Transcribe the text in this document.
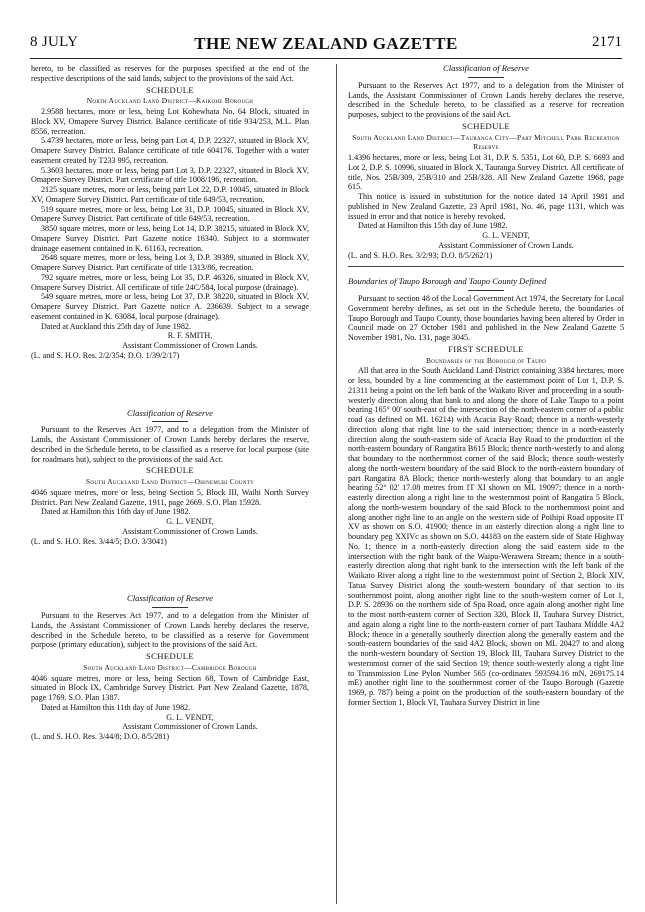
8 JULY	THE NEW ZEALAND GAZETTE	2171

hereto, to be classified as reserves for the purposes specified at the end of the respective descriptions of the said lands, subject to the provisions of the said Act.

SCHEDULE
North Auckland Land District—Kaikohe Borough

2.9588 hectares, more or less, being Lot Kohewhata No. 64 Block, situated in Block XV, Omapere Survey District. Balance certificate of title 934/253, M.L. Plan 8556, recreation.

5.4739 hectares, more or less, being part Lot 4, D.P. 22327, situated in Block XV, Omapere Survey District. Balance certificate of title 604176. Together with a water easement created by T233 995, recreation.

5.3603 hectares, more or less, being part Lot 3, D.P. 22327, situated in Block XV, Omapere Survey District. Part certificate of title 1008/196, recreation.

2125 square metres, more or less, being part Lot 22, D.P. 10045, situated in Block XV, Omapere Survey District. Part certificate of title 649/53, recreation.

519 square metres, more or less, being Lot 31, D.P. 10045, situated in Block XV, Omapere Survey District. Part certificate of title 649/53, recreation.

3850 square metres, more or less, being Lot 14, D.P. 38215, situated in Block XV, Omapere Survey District. Part Gazette notice 16340. Subject to a stormwater drainage easement contained in K. 61163, recreation.

2648 square metres, more or less, being Lot 3, D.P. 39389, situated in Block XV, Omapere Survey District. Part certificate of title 1313/86, recreation.

792 square metres, more or less, being Lot 35, D.P. 46326, situated in Block XV, Omapere Survey District. All certificate of title 24C/584, local purpose (drainage).

549 square metres, more or less, being Lot 37, D.P. 38220, situated in Block XV, Omapere Survey District. Part Gazette notice A. 236639. Subject to a sewage easement contained in K. 63084, local purpose (drainage).

Dated at Auckland this 25th day of June 1982.

R. F. SMITH,

Assistant Commissioner of Crown Lands.

(L. and S. H.O. Res. 2/2/354; D.O. 1/39/2/17)

Classification of Reserve

Pursuant to the Reserves Act 1977, and to a delegation from the Minister of Lands, the Assistant Commissioner of Crown Lands hereby declares the reserve, described in the Schedule hereto, to be classified as a reserve for local purpose (site for roadmans hut), subject to the provisions of the said Act.

SCHEDULE
South Auckland Land District—Ohinemuri County

4046 square metres, more or less, being Section 5, Block III, Waihi North Survey District. Part New Zealand Gazette, 1911, page 2669. S.O. Plan 15928.

Dated at Hamilton this 16th day of June 1982.

G. L. VENDT,

Assistant Commissioner of Crown Lands.

(L. and S. H.O. Res. 3/44/5; D.O. 3/3041)

Classification of Reserve

Pursuant to the Reserves Act 1977, and to a delegation from the Minister of Lands, the Assistant Commissioner of Crown Lands hereby declares the reserve, described in the Schedule hereto, to be classified as a reserve for Government purpose (primary education), subject to the provisions of the said Act.

SCHEDULE
South Auckland Land District—Cambridge Borough

4046 square metres, more or less, being Section 68, Town of Cambridge East, situated in Block IX, Cambridge Survey District. Part New Zealand Gazette, 1878, page 1769. S.O. Plan 1387.

Dated at Hamilton this 11th day of June 1982.

G. L. VENDT,

Assistant Commissioner of Crown Lands.

(L. and S. H.O. Res. 3/44/8; D.O. 8/5/281)

Classification of Reserve

Pursuant to the Reserves Act 1977, and to a delegation from the Minister of Lands, the Assistant Commissioner of Crown Lands hereby declares the reserve, described in the Schedule hereto, to be classified as a reserve for recreation purposes, subject to the provisions of the said Act.

SCHEDULE
South Auckland Land District—Tauranga City—Part Mitchell Park Recreation Reserve

1.4396 hectares, more or less, being Lot 31, D.P. S. 5351, Lot 60, D.P. S. 6693 and Lot 2, D.P. S. 10996, situated in Block X, Tauranga Survey District. All certificate of title, Nos. 25B/309, 25B/310 and 25B/328. All New Zealand Gazette 1968, page 615.

This notice is issued in substitution for the notice dated 14 April 1981 and published in New Zealand Gazette, 23 April 1981, No. 46, page 1131, which was issued in error and that notice is hereby revoked.

Dated at Hamilton this 15th day of June 1982.

G. L. VENDT,

Assistant Commissioner of Crown Lands.

(L. and S. H.O. Res. 3/2/93; D.O. 8/5/262/1)

Boundaries of Taupo Borough and Taupo County Defined

Pursuant to section 48 of the Local Government Act 1974, the Secretary for Local Government hereby defines, as set out in the Schedule hereto, the boundaries of Taupo Borough and Taupo County, those boundaries having been altered by Order in Council made on 27 October 1981 and published in the New Zealand Gazette 5 November 1981, No. 131, page 3045.

FIRST SCHEDULE
Boundaries of the Borough of Taupo

All that area in the South Auckland Land District containing 3384 hectares, more or less, bounded by a line commencing at the easternmost point of Lot 1, D.P. S. 21311 being a point on the left bank of the Waikato River and proceeding in a south-westerly direction along that bank to and along the shore of Lake Taupo to a point bearing 165° 00' south-east of the intersection of the north-eastern corner of a public road (as defined on ML 16214) with Acacia Bay Road; thence in a north-westerly direction along that right line to the said intersection; thence in a north-easterly direction along the south-eastern side of Acacia Bay Road to the production of the north-eastern boundary of Rangatira B615 Block; thence north-westerly to and along that boundary to the northernmost corner of the said Block; thence south-westerly along the north-western boundary of the said Block to the north-eastern boundary of part Rangatira 8A Block; thence north-westerly along that boundary to an angle bearing 52° 02' 17.08 metres from IT XI shown on ML 19097; thence in a north-easterly direction along a right line to the westernmost point of Rangatira 5 Block, along the north-western boundary of the said Block to the northernmost point and along another right line to an angle on the western side of Poihipi Road opposite IT XV as shown on S.O. 41900; thence in an easterly direction along a right line to boundary peg XXIVc as shown on S.O. 44183 on the eastern side of State Highway No. 1; thence in a north-easterly direction along the said eastern side to the intersection with the right bank of the Waipu-Werawera Stream; thence in a south-easterly direction along that right bank to the intersection with the left bank of the Waikato River along a right line to the westernmost point of Section 2, Block XIV, Tatua Survey District along the south-western boundary of that section to its southernmost point, along another right line to the south-western corner of Lot 1, D.P. S. 28936 on the northern side of Spa Road, once again along another right line to the most north-eastern corner of Section 320, Block II, Tauhara Survey District, and again along a right line to the north-eastern corner of part Tauhara Middle 4A2 Block; thence in a generally southerly direction along the generally eastern and the south-eastern boundaries of the said 4A2 Block, shown on ML 20427 to and along the north-western boundary of Section 19, Block III, Tauhara Survey District to the westernmost corner of the said Section 19; thence south-westerly along a right line to Transmission Line Pylon Number 565 (co-ordinates 593594.16 mN, 269175.14 mE) another right line to the southernmost corner of the Taupo Borough (Gazette 1969, p. 787) being a point on the production of the south-eastern boundary of the former Section 1, Block VI, Tauhara Survey District in line
